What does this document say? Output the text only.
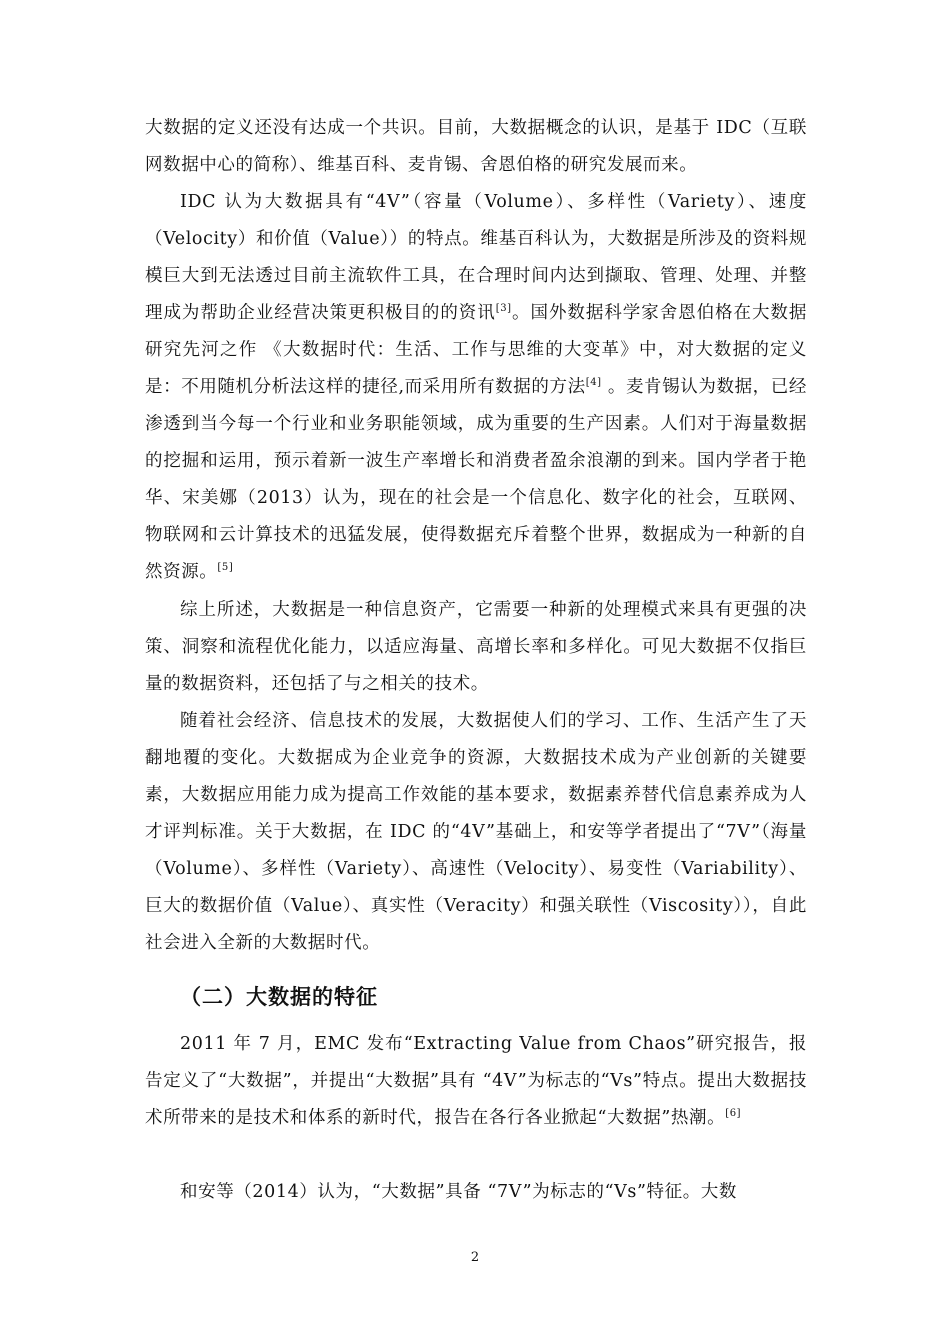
大数据的定义还没有达成一个共识。目前，大数据概念的认识，是基于 IDC（互联网数据中心的简称）、维基百科、麦肯锡、舍恩伯格的研究发展而来。

IDC 认为大数据具有“4V”（容量（Volume）、多样性（Variety）、速度（Velocity）和价值（Value））的特点。维基百科认为，大数据是所涉及的资料规模巨大到无法透过目前主流软件工具，在合理时间内达到撷取、管理、处理、并整理成为帮助企业经营决策更积极目的的资讯[3]。国外数据科学家舍恩伯格在大数据研究先河之作 《大数据时代：生活、工作与思维的大变革》中，对大数据的定义是：不用随机分析法这样的捷径,而采用所有数据的方法[4] 。麦肯锡认为数据，已经渗透到当今每一个行业和业务职能领域，成为重要的生产因素。人们对于海量数据的挖掘和运用，预示着新一波生产率增长和消费者盈余浪潮的到来。国内学者于艳华、宋美娜（2013）认为，现在的社会是一个信息化、数字化的社会，互联网、物联网和云计算技术的迅猛发展，使得数据充斥着整个世界，数据成为一种新的自然资源。[5]

综上所述，大数据是一种信息资产，它需要一种新的处理模式来具有更强的决策、洞察和流程优化能力，以适应海量、高增长率和多样化。可见大数据不仅指巨量的数据资料，还包括了与之相关的技术。

随着社会经济、信息技术的发展，大数据使人们的学习、工作、生活产生了天翻地覆的变化。大数据成为企业竞争的资源，大数据技术成为产业创新的关键要素，大数据应用能力成为提高工作效能的基本要求，数据素养替代信息素养成为人才评判标准。关于大数据，在 IDC 的“4V”基础上，和安等学者提出了“7V”（海量（Volume）、多样性（Variety）、高速性（Velocity）、易变性（Variability）、巨大的数据价值（Value）、真实性（Veracity）和强关联性（Viscosity）），自此社会进入全新的大数据时代。

（二）大数据的特征

2011 年 7 月，EMC 发布“Extracting Value from Chaos”研究报告，报告定义了“大数据”，并提出“大数据”具有 “4V”为标志的“Vs”特点。提出大数据技术所带来的是技术和体系的新时代，报告在各行各业掀起“大数据”热潮。[6]

和安等（2014）认为，“大数据”具备 “7V”为标志的“Vs”特征。大数

2
